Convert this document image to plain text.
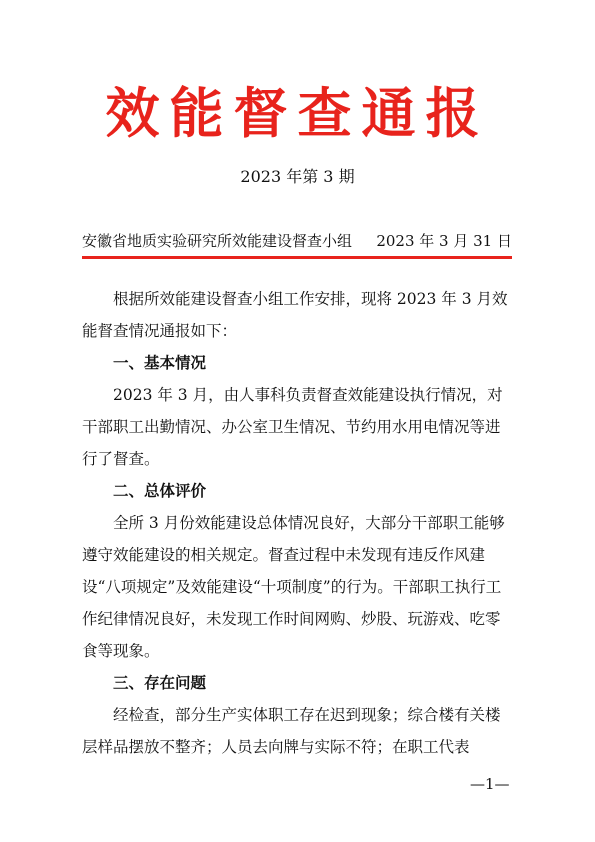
效能督查通报
2023 年第 3 期
安徽省地质实验研究所效能建设督查小组 2023 年 3 月 31 日

根据所效能建设督查小组工作安排，现将 2023 年 3 月效能督查情况通报如下：

一、基本情况

2023 年 3 月，由人事科负责督查效能建设执行情况，对干部职工出勤情况、办公室卫生情况、节约用水用电情况等进行了督查。

二、总体评价

全所 3 月份效能建设总体情况良好，大部分干部职工能够遵守效能建设的相关规定。督查过程中未发现有违反作风建设“八项规定”及效能建设“十项制度”的行为。干部职工执行工作纪律情况良好，未发现工作时间网购、炒股、玩游戏、吃零食等现象。

三、存在问题

经检查，部分生产实体职工存在迟到现象；综合楼有关楼层样品摆放不整齐；人员去向牌与实际不符；在职工代表

—1—
